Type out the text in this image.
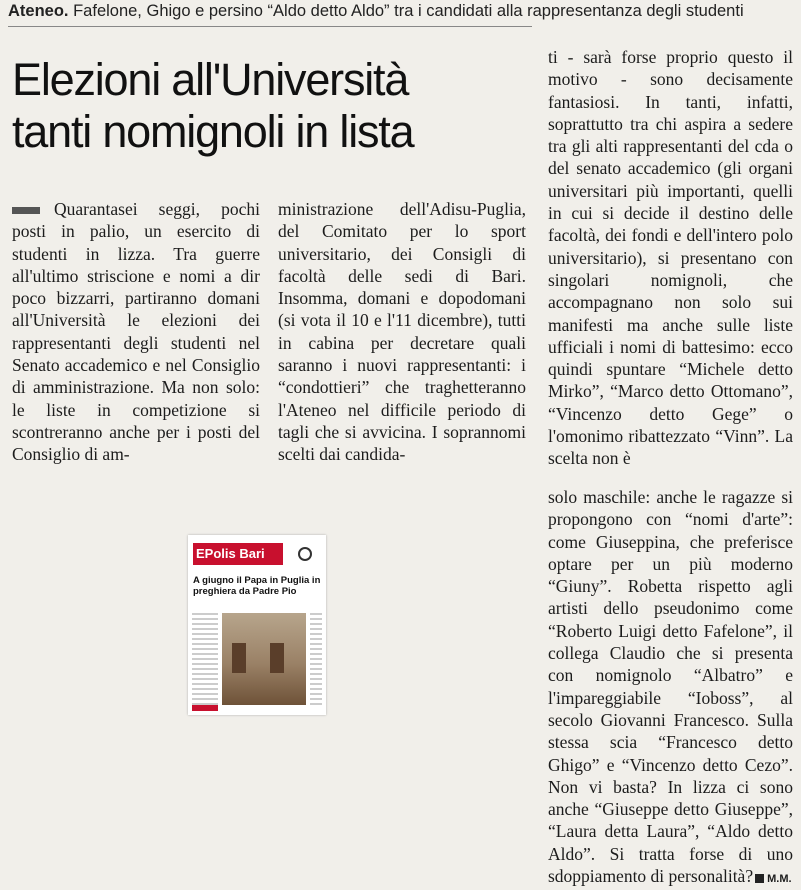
Ateneo. Fafelone, Ghigo e persino “Aldo detto Aldo” tra i candidati alla rappresentanza degli studenti
Elezioni all'Università
tanti nomignoli in lista

Quarantasei seggi, pochi posti in palio, un esercito di studenti in lizza. Tra guerre all'ultimo striscione e nomi a dir poco bizzarri, partiranno domani all'Università le elezioni dei rappresentanti degli studenti nel Senato accademico e nel Consiglio di amministrazione. Ma non solo: le liste in competizione si scontreranno anche per i posti del Consiglio di am-

ministrazione dell'Adisu-Puglia, del Comitato per lo sport universitario, dei Consigli di facoltà delle sedi di Bari. Insomma, domani e dopodomani (si vota il 10 e l'11 dicembre), tutti in cabina per decretare quali saranno i nuovi rappresentanti: i “condottieri” che traghetteranno l'Ateneo nel difficile periodo di tagli che si avvicina. I soprannomi scelti dai candida-

ti - sarà forse proprio questo il motivo - sono decisamente fantasiosi. In tanti, infatti, soprattutto tra chi aspira a sedere tra gli alti rappresentanti del cda o del senato accademico (gli organi universitari più importanti, quelli in cui si decide il destino delle facoltà, dei fondi e dell'intero polo universitario), si presentano con singolari nomignoli, che accompagnano non solo sui manifesti ma anche sulle liste ufficiali i nomi di battesimo: ecco quindi spuntare “Michele detto Mirko”, “Marco detto Ottomano”, “Vincenzo detto Gege” o l'omonimo ribattezzato “Vinn”. La scelta non è

solo maschile: anche le ragazze si propongono con “nomi d'arte”: come Giuseppina, che preferisce optare per un più moderno “Giuny”. Robetta rispetto agli artisti dello pseudonimo come “Roberto Luigi detto Fafelone”, il collega Claudio che si presenta con nomignolo “Albatro” e l'impareggiabile “Ioboss”, al secolo Giovanni Francesco. Sulla stessa scia “Francesco detto Ghigo” e “Vincenzo detto Cezo”. Non vi basta? In lizza ci sono anche “Giuseppe detto Giuseppe”, “Laura detta Laura”, “Aldo detto Aldo”. Si tratta forse di uno sdoppiamento di personalità? M.M.

EPolis Bari
A giugno il Papa in Puglia in preghiera da Padre Pio
